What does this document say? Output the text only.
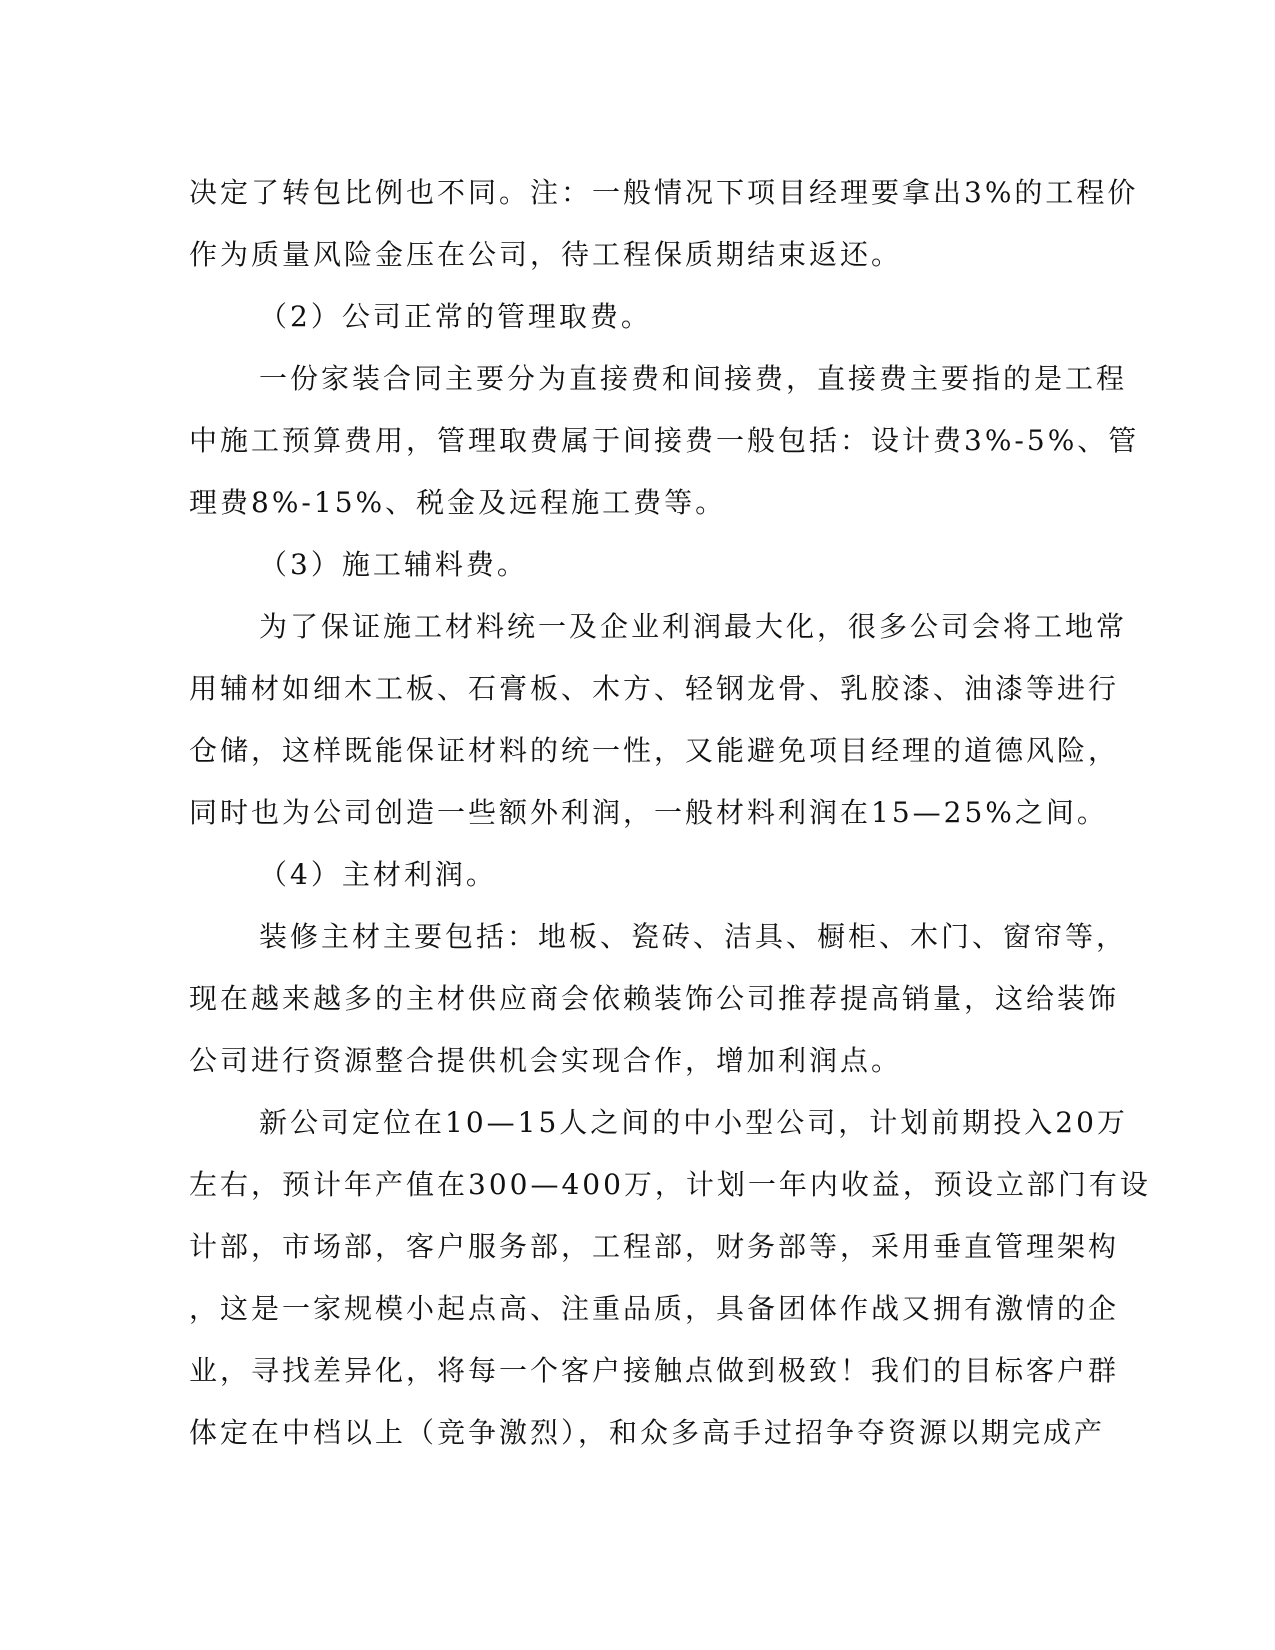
决定了转包比例也不同。注：一般情况下项目经理要拿出3%的工程价
作为质量风险金压在公司，待工程保质期结束返还。
（2）公司正常的管理取费。
一份家装合同主要分为直接费和间接费，直接费主要指的是工程
中施工预算费用，管理取费属于间接费一般包括：设计费3%-5%、管
理费8%-15%、税金及远程施工费等。
（3）施工辅料费。
为了保证施工材料统一及企业利润最大化，很多公司会将工地常
用辅材如细木工板、石膏板、木方、轻钢龙骨、乳胶漆、油漆等进行
仓储，这样既能保证材料的统一性，又能避免项目经理的道德风险，
同时也为公司创造一些额外利润，一般材料利润在15—25%之间。
（4）主材利润。
装修主材主要包括：地板、瓷砖、洁具、橱柜、木门、窗帘等，
现在越来越多的主材供应商会依赖装饰公司推荐提高销量，这给装饰
公司进行资源整合提供机会实现合作，增加利润点。
新公司定位在10—15人之间的中小型公司，计划前期投入20万
左右，预计年产值在300—400万，计划一年内收益，预设立部门有设
计部，市场部，客户服务部，工程部，财务部等，采用垂直管理架构
，这是一家规模小起点高、注重品质，具备团体作战又拥有激情的企
业，寻找差异化，将每一个客户接触点做到极致！我们的目标客户群
体定在中档以上（竞争激烈），和众多高手过招争夺资源以期完成产
